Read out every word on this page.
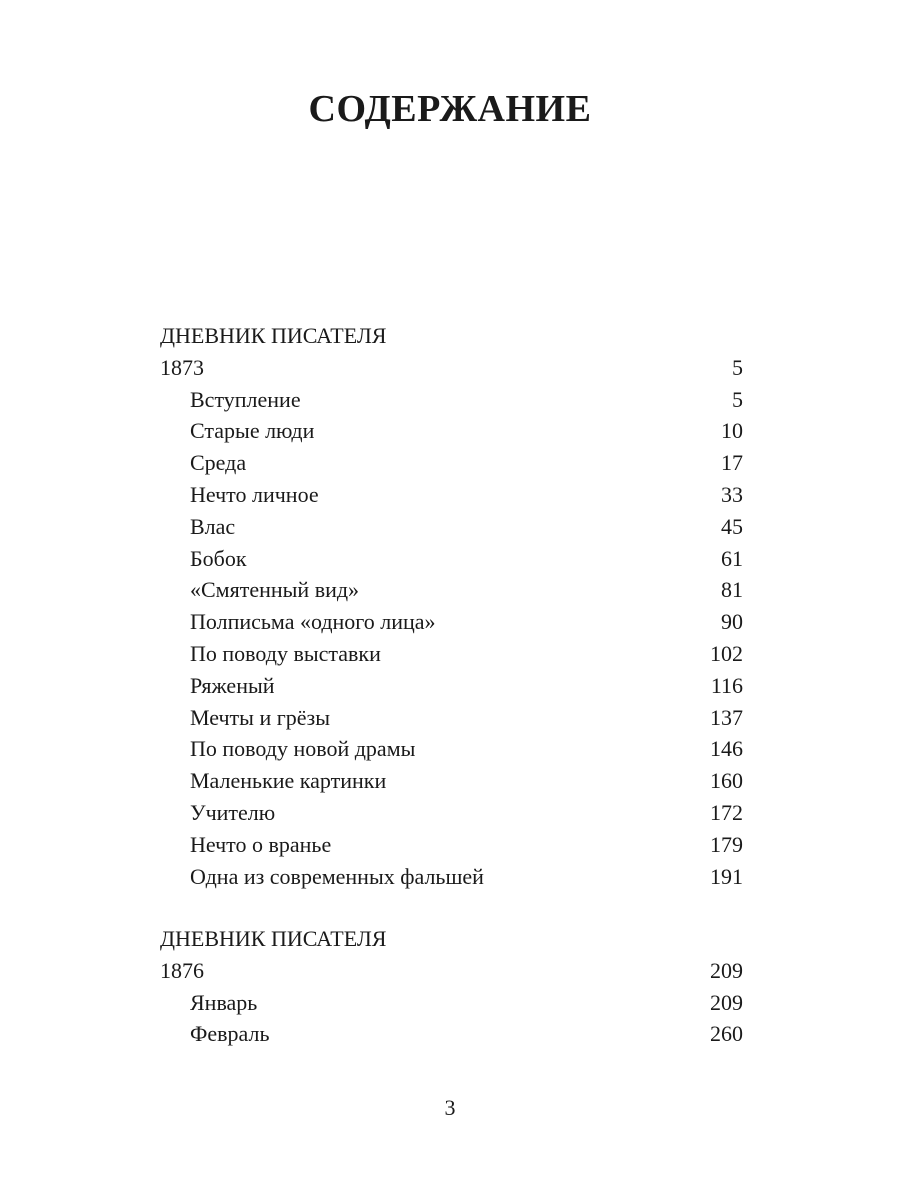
СОДЕРЖАНИЕ
ДНЕВНИК ПИСАТЕЛЯ
1873	5
Вступление	5
Старые люди	10
Среда	17
Нечто личное	33
Влас	45
Бобок	61
«Смятенный вид»	81
Полписьма «одного лица»	90
По поводу выставки	102
Ряженый	116
Мечты и грёзы	137
По поводу новой драмы	146
Маленькие картинки	160
Учителю	172
Нечто о вранье	179
Одна из современных фальшей	191
ДНЕВНИК ПИСАТЕЛЯ
1876	209
Январь	209
Февраль	260
3
